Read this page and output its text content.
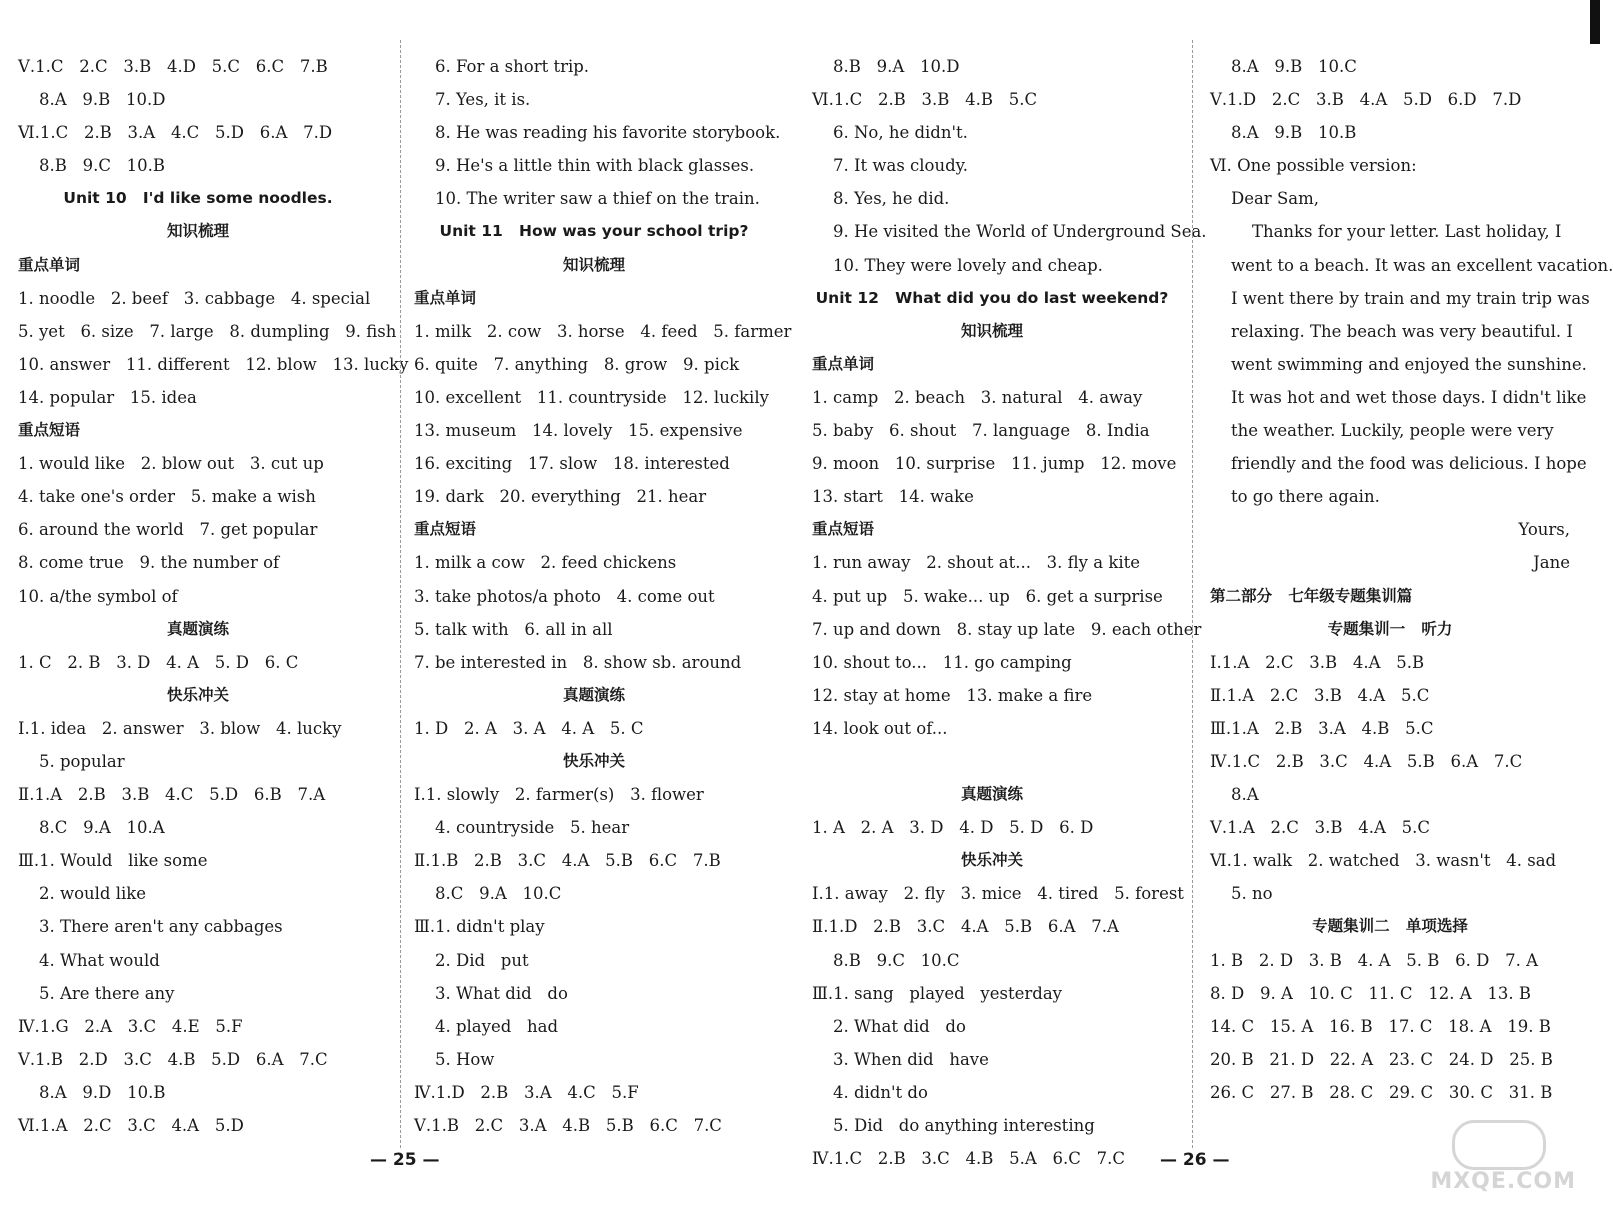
Ⅴ.1.C   2.C   3.B   4.D   5.C   6.C   7.B
8.A   9.B   10.D
Ⅵ.1.C   2.B   3.A   4.C   5.D   6.A   7.D
8.B   9.C   10.B
Unit 10   I'd like some noodles.
知识梳理
重点单词
1. noodle   2. beef   3. cabbage   4. special
5. yet   6. size   7. large   8. dumpling   9. fish
10. answer   11. different   12. blow   13. lucky
14. popular   15. idea
重点短语
1. would like   2. blow out   3. cut up
4. take one's order   5. make a wish
6. around the world   7. get popular
8. come true   9. the number of
10. a/the symbol of
真题演练
1. C   2. B   3. D   4. A   5. D   6. C
快乐冲关
Ⅰ.1. idea   2. answer   3. blow   4. lucky
5. popular
Ⅱ.1.A   2.B   3.B   4.C   5.D   6.B   7.A
8.C   9.A   10.A
Ⅲ.1. Would   like some
2. would like
3. There aren't any cabbages
4. What would
5. Are there any
Ⅳ.1.G   2.A   3.C   4.E   5.F
Ⅴ.1.B   2.D   3.C   4.B   5.D   6.A   7.C
8.A   9.D   10.B
Ⅵ.1.A   2.C   3.C   4.A   5.D
6. For a short trip.
7. Yes, it is.
8. He was reading his favorite storybook.
9. He's a little thin with black glasses.
10. The writer saw a thief on the train.
Unit 11   How was your school trip?
知识梳理
重点单词
1. milk   2. cow   3. horse   4. feed   5. farmer
6. quite   7. anything   8. grow   9. pick
10. excellent   11. countryside   12. luckily
13. museum   14. lovely   15. expensive
16. exciting   17. slow   18. interested
19. dark   20. everything   21. hear
重点短语
1. milk a cow   2. feed chickens
3. take photos/a photo   4. come out
5. talk with   6. all in all
7. be interested in   8. show sb. around
真题演练
1. D   2. A   3. A   4. A   5. C
快乐冲关
Ⅰ.1. slowly   2. farmer(s)   3. flower
4. countryside   5. hear
Ⅱ.1.B   2.B   3.C   4.A   5.B   6.C   7.B
8.C   9.A   10.C
Ⅲ.1. didn't play
2. Did   put
3. What did   do
4. played   had
5. How
Ⅳ.1.D   2.B   3.A   4.C   5.F
Ⅴ.1.B   2.C   3.A   4.B   5.B   6.C   7.C
8.B   9.A   10.D
Ⅵ.1.C   2.B   3.B   4.B   5.C
6. No, he didn't.
7. It was cloudy.
8. Yes, he did.
9. He visited the World of Underground Sea.
10. They were lovely and cheap.
Unit 12   What did you do last weekend?
知识梳理
重点单词
1. camp   2. beach   3. natural   4. away
5. baby   6. shout   7. language   8. India
9. moon   10. surprise   11. jump   12. move
13. start   14. wake
重点短语
1. run away   2. shout at...   3. fly a kite
4. put up   5. wake... up   6. get a surprise
7. up and down   8. stay up late   9. each other
10. shout to...   11. go camping
12. stay at home   13. make a fire
14. look out of...
真题演练
1. A   2. A   3. D   4. D   5. D   6. D
快乐冲关
Ⅰ.1. away   2. fly   3. mice   4. tired   5. forest
Ⅱ.1.D   2.B   3.C   4.A   5.B   6.A   7.A
8.B   9.C   10.C
Ⅲ.1. sang   played   yesterday
2. What did   do
3. When did   have
4. didn't do
5. Did   do anything interesting
Ⅳ.1.C   2.B   3.C   4.B   5.A   6.C   7.C
8.A   9.B   10.C
Ⅴ.1.D   2.C   3.B   4.A   5.D   6.D   7.D
8.A   9.B   10.B
Ⅵ. One possible version:
Dear Sam,
Thanks for your letter. Last holiday, I
went to a beach. It was an excellent vacation.
I went there by train and my train trip was
relaxing. The beach was very beautiful. I
went swimming and enjoyed the sunshine.
It was hot and wet those days. I didn't like
the weather. Luckily, people were very
friendly and the food was delicious. I hope
to go there again.
Yours,
Jane
第二部分   七年级专题集训篇
专题集训一   听力
Ⅰ.1.A   2.C   3.B   4.A   5.B
Ⅱ.1.A   2.C   3.B   4.A   5.C
Ⅲ.1.A   2.B   3.A   4.B   5.C
Ⅳ.1.C   2.B   3.C   4.A   5.B   6.A   7.C
8.A
Ⅴ.1.A   2.C   3.B   4.A   5.C
Ⅵ.1. walk   2. watched   3. wasn't   4. sad
5. no
专题集训二   单项选择
1. B   2. D   3. B   4. A   5. B   6. D   7. A
8. D   9. A   10. C   11. C   12. A   13. B
14. C   15. A   16. B   17. C   18. A   19. B
20. B   21. D   22. A   23. C   24. D   25. B
26. C   27. B   28. C   29. C   30. C   31. B
— 25 —	— 26 —
MXQE.COM
